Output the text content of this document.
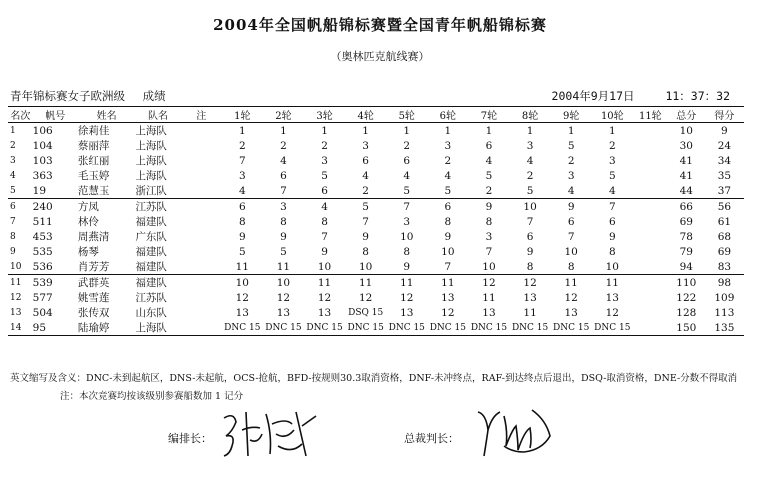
2004年全国帆船锦标赛暨全国青年帆船锦标赛
（奥林匹克航线赛）
青年锦标赛女子欧洲级 成绩	2004年9月17日	11：37：32
名次	帆号	姓名	队名	注	1轮	2轮	3轮	4轮	5轮	6轮	7轮	8轮	9轮	10轮	11轮	总分	得分
1	106	徐莉佳	上海队		1	1	1	1	1	1	1	1	1	1		10	9
2	104	蔡丽萍	上海队		2	2	2	3	2	3	6	3	5	2		30	24
3	103	张红丽	上海队		7	4	3	6	6	2	4	4	2	3		41	34
4	363	毛玉婷	上海队		3	6	5	4	4	4	5	2	3	5		41	35
5	19	范慧玉	浙江队		4	7	6	2	5	5	2	5	4	4		44	37
6	240	方凤	江苏队		6	3	4	5	7	6	9	10	9	7		66	56
7	511	林伶	福建队		8	8	8	7	3	8	8	7	6	6		69	61
8	453	周燕清	广东队		9	9	7	9	10	9	3	6	7	9		78	68
9	535	杨琴	福建队		5	5	9	8	8	10	7	9	10	8		79	69
10	536	肖芳芳	福建队		11	11	10	10	9	7	10	8	8	10		94	83
11	539	武群英	福建队		10	10	11	11	11	11	12	12	11	11		110	98
12	577	姚雪莲	江苏队		12	12	12	12	12	13	11	13	12	13		122	109
13	504	张传双	山东队		13	13	13	DSQ 15	13	12	13	11	13	12		128	113
14	95	陆瑜婷	上海队		DNC 15	DNC 15	DNC 15	DNC 15	DNC 15	DNC 15	DNC 15	DNC 15	DNC 15	DNC 15		150	135
英文缩写及含义：DNC-未到起航区，DNS-未起航，OCS-抢航，BFD-按规则30.3取消资格，DNF-未冲终点，RAF-到达终点后退出，DSQ-取消资格，DNE-分数不得取消
注：本次竞赛均按该级别参赛船数加 1 记分
编排长：	总裁判长：
